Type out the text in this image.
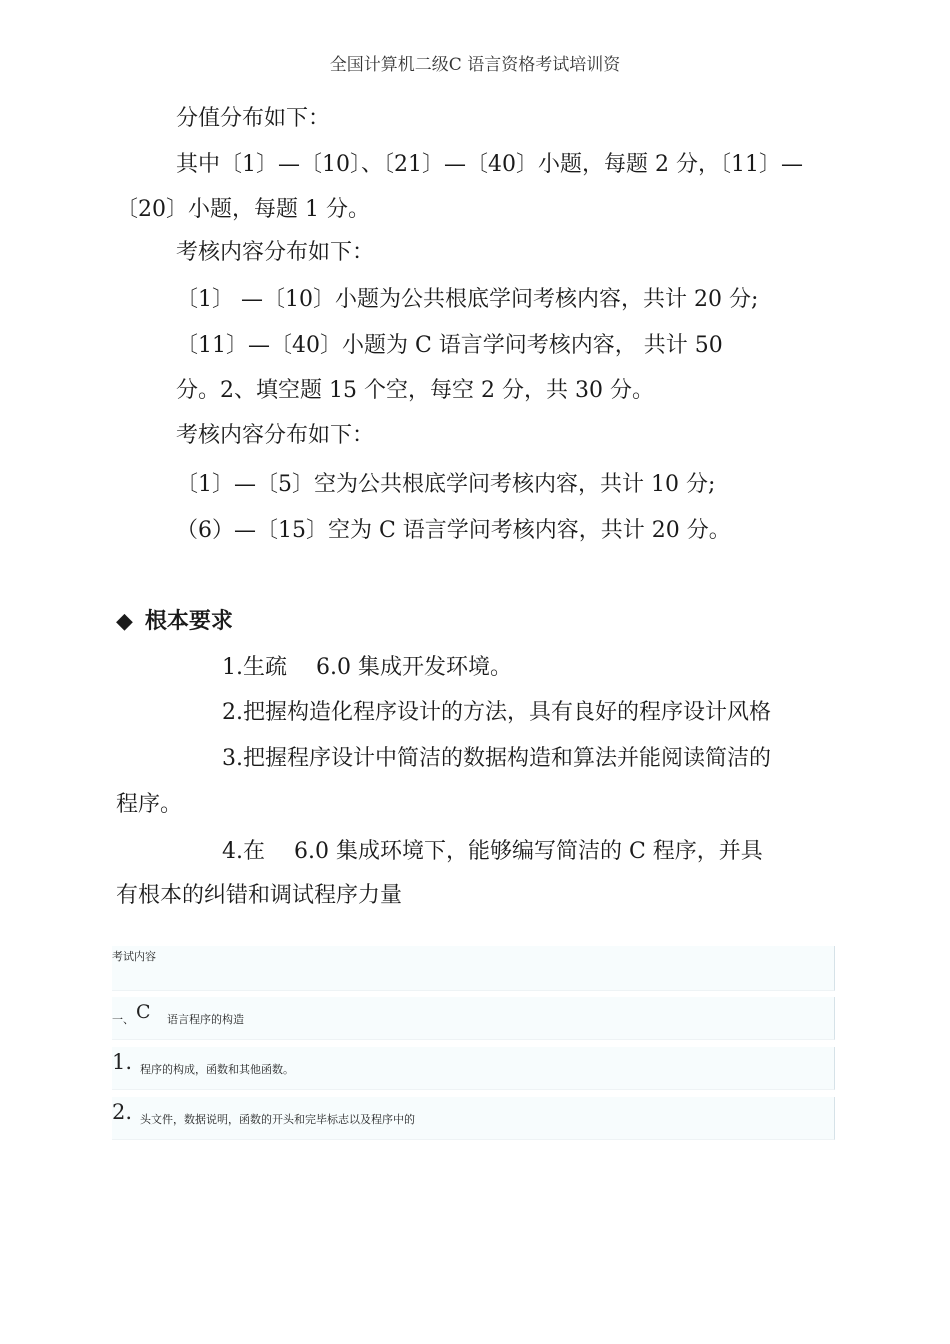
全国计算机二级C 语言资格考试培训资
分值分布如下：
其中〔1〕—〔10〕、〔21〕—〔40〕小题，每题 2 分，〔11〕—
〔20〕小题，每题 1 分。
考核内容分布如下：
〔1〕 —〔10〕小题为公共根底学问考核内容，共计 20 分;
〔11〕—〔40〕小题为 C 语言学问考核内容， 共计 50
分。2、填空题 15 个空，每空 2 分，共 30 分。
考核内容分布如下：
〔1〕—〔5〕空为公共根底学问考核内容，共计 10 分;
（6）—〔15〕空为 C 语言学问考核内容，共计 20 分。
◆ 根本要求
1.生疏　 6.0 集成开发环境。
2.把握构造化程序设计的方法，具有良好的程序设计风格
3.把握程序设计中简洁的数据构造和算法并能阅读简洁的
程序。
4.在　 6.0 集成环境下，能够编写简洁的 C 程序，并具
有根本的纠错和调试程序力量
考试内容
一、 C 语言程序的构造
1. 程序的构成，函数和其他函数。
2. 头文件，数据说明，函数的开头和完毕标志以及程序中的
